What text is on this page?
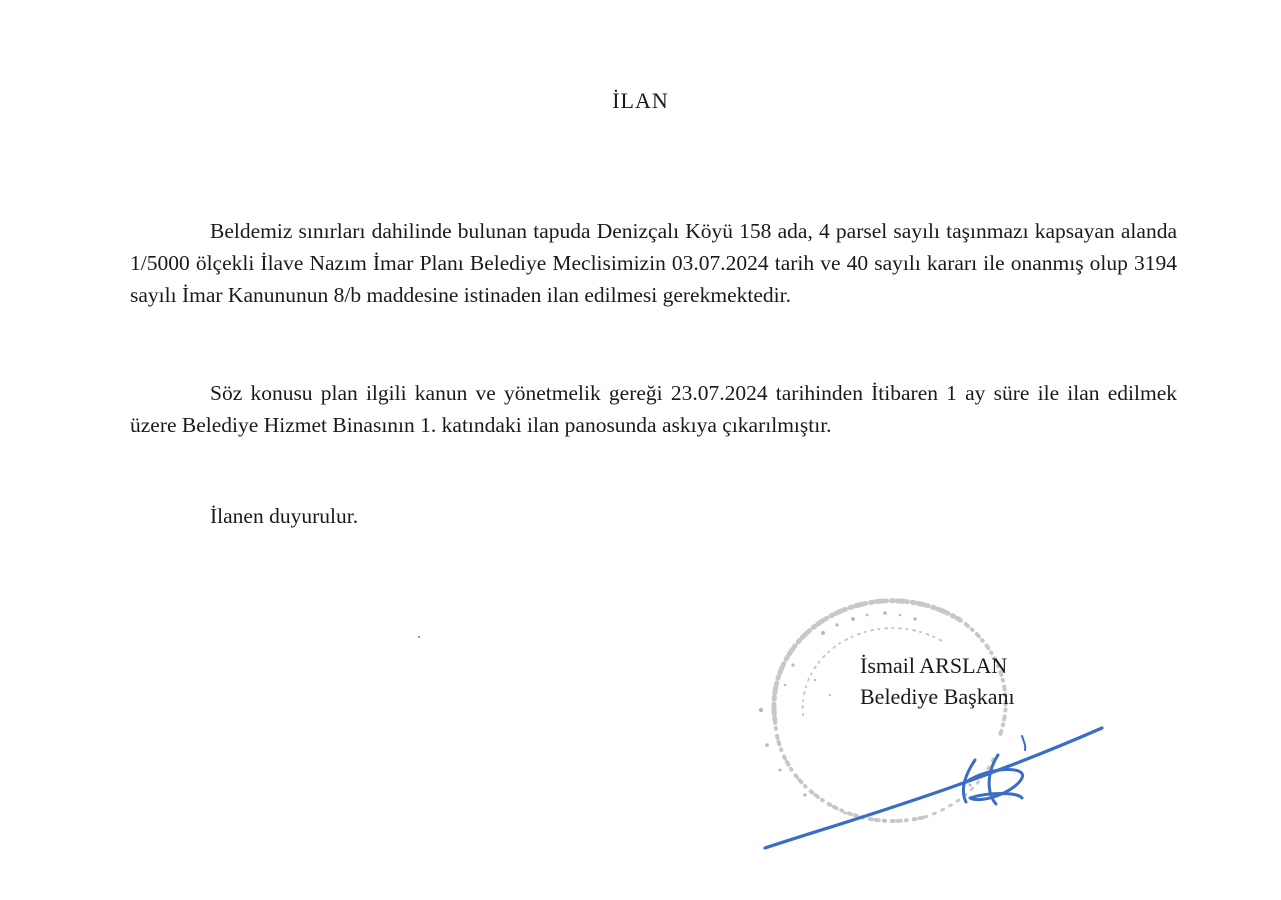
İLAN

Beldemiz sınırları dahilinde bulunan tapuda Denizçalı Köyü 158 ada, 4 parsel sayılı taşınmazı kapsayan alanda 1/5000 ölçekli İlave Nazım İmar Planı Belediye Meclisimizin 03.07.2024 tarih ve 40 sayılı kararı ile onanmış olup 3194 sayılı İmar Kanununun 8/b maddesine istinaden ilan edilmesi gerekmektedir.

Söz konusu plan ilgili kanun ve yönetmelik gereği 23.07.2024 tarihinden İtibaren 1 ay süre ile ilan edilmek üzere Belediye Hizmet Binasının 1. katındaki ilan panosunda askıya çıkarılmıştır.

İlanen duyurulur.

İsmail ARSLAN
Belediye Başkanı
